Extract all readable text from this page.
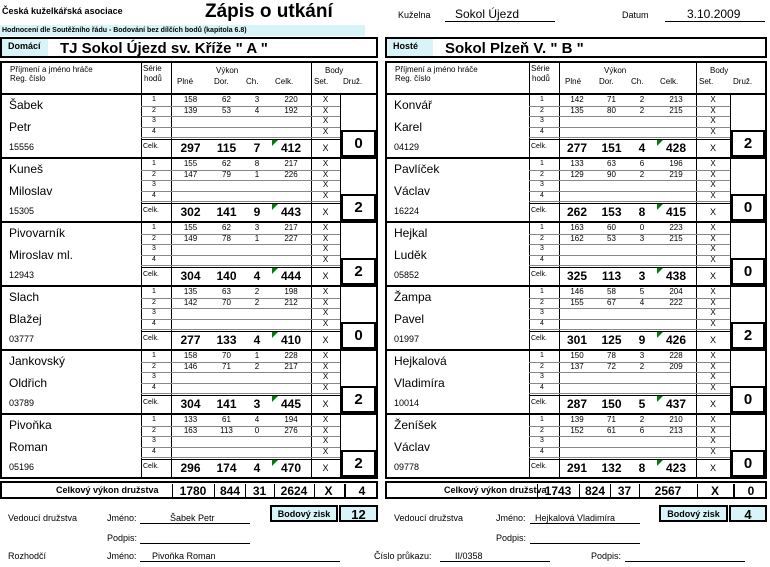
Česká kuželkářská asociace	Zápis o utkání
Hodnocení dle Soutěžního řádu - Bodování bez dílčích bodů (kapitola 6.8)
Kuželna Sokol Újezd	Datum	3.10.2009
Domácí	TJ Sokol Újezd sv. Kříže " A "	Hosté	Sokol Plzeň V. " B "
Příjmení a jméno hráče
Reg. číslo
Série
hodů
Výkon
Plné	Dor. Ch. Celk.
Body
Set. Druž.
Šabek
Petr
15556
1	158	62	3	220	X
2	139	53	4	192	X
3	X
4	X
Celk.	297	115	7	412	X	0
Kuneš
Miloslav
15305
1	155	62	8	217	X
2	147	79	1	226	X
3	X
4	X
Celk.	302	141	9	443	X	2
Pivovarník
Miroslav ml.
12943
1	155	62	3	217	X
2	149	78	1	227	X
3	X
4	X
Celk.	304	140	4	444	X	2
Slach
Blažej
03777
1	135	63	2	198	X
2	142	70	2	212	X
3	X
4	X
Celk.	277	133	4	410	X	0
Jankovský
Oldřich
03789
1	158	70	1	228	X
2	146	71	2	217	X
3	X
4	X
Celk.	304	141	3	445	X	2
Pivoňka
Roman
05196
1	133	61	4	194	X
2	163	113	0	276	X
3	X
4	X
Celk.	296	174	4	470	X	2
Příjmení a jméno hráče
Reg. číslo
Série
hodů
Výkon
Plné Dor. Ch. Celk.
Body
Set. Druž.
Konvář
Karel
04129
1	142	71	2	213	X
2	135	80	2	215	X
3	X
4	X
Celk.	277	151	4	428	X	2
Pavlíček
Václav
16224
1	133	63	6	196	X
2	129	90	2	219	X
3	X
4	X
Celk.	262	153	8	415	X	0
Hejkal
Luděk
05852
1	163	60	0	223	X
2	162	53	3	215	X
3	X
4	X
Celk.	325	113	3	438	X	0
Žampa
Pavel
01997
1	146	58	5	204	X
2	155	67	4	222	X
3	X
4	X
Celk.	301	125	9	426	X	2
Hejkalová
Vladimíra
10014
1	150	78	3	228	X
2	137	72	2	209	X
3	X
4	X
Celk.	287	150	5	437	X	0
Ženíšek
Václav
09778
1	139	71	2	210	X
2	152	61	6	213	X
3	X
4	X
Celk.	291	132	8	423	X	0
Celkový výkon družstva	1780	844	31	2624	X	4	Celkový výkon družstva
1743	824	37	2567	X	0
Bodový zisk	12	Bodový zisk	4
Vedoucí družstva	Jméno:	Šabek Petr
Podpis:
Vedoucí družstva	Jméno: Hejkalová Vladimíra
Podpis:
Rozhodčí	Jméno: Pivoňka Roman	Číslo průkazu:	II/0358	Podpis:
